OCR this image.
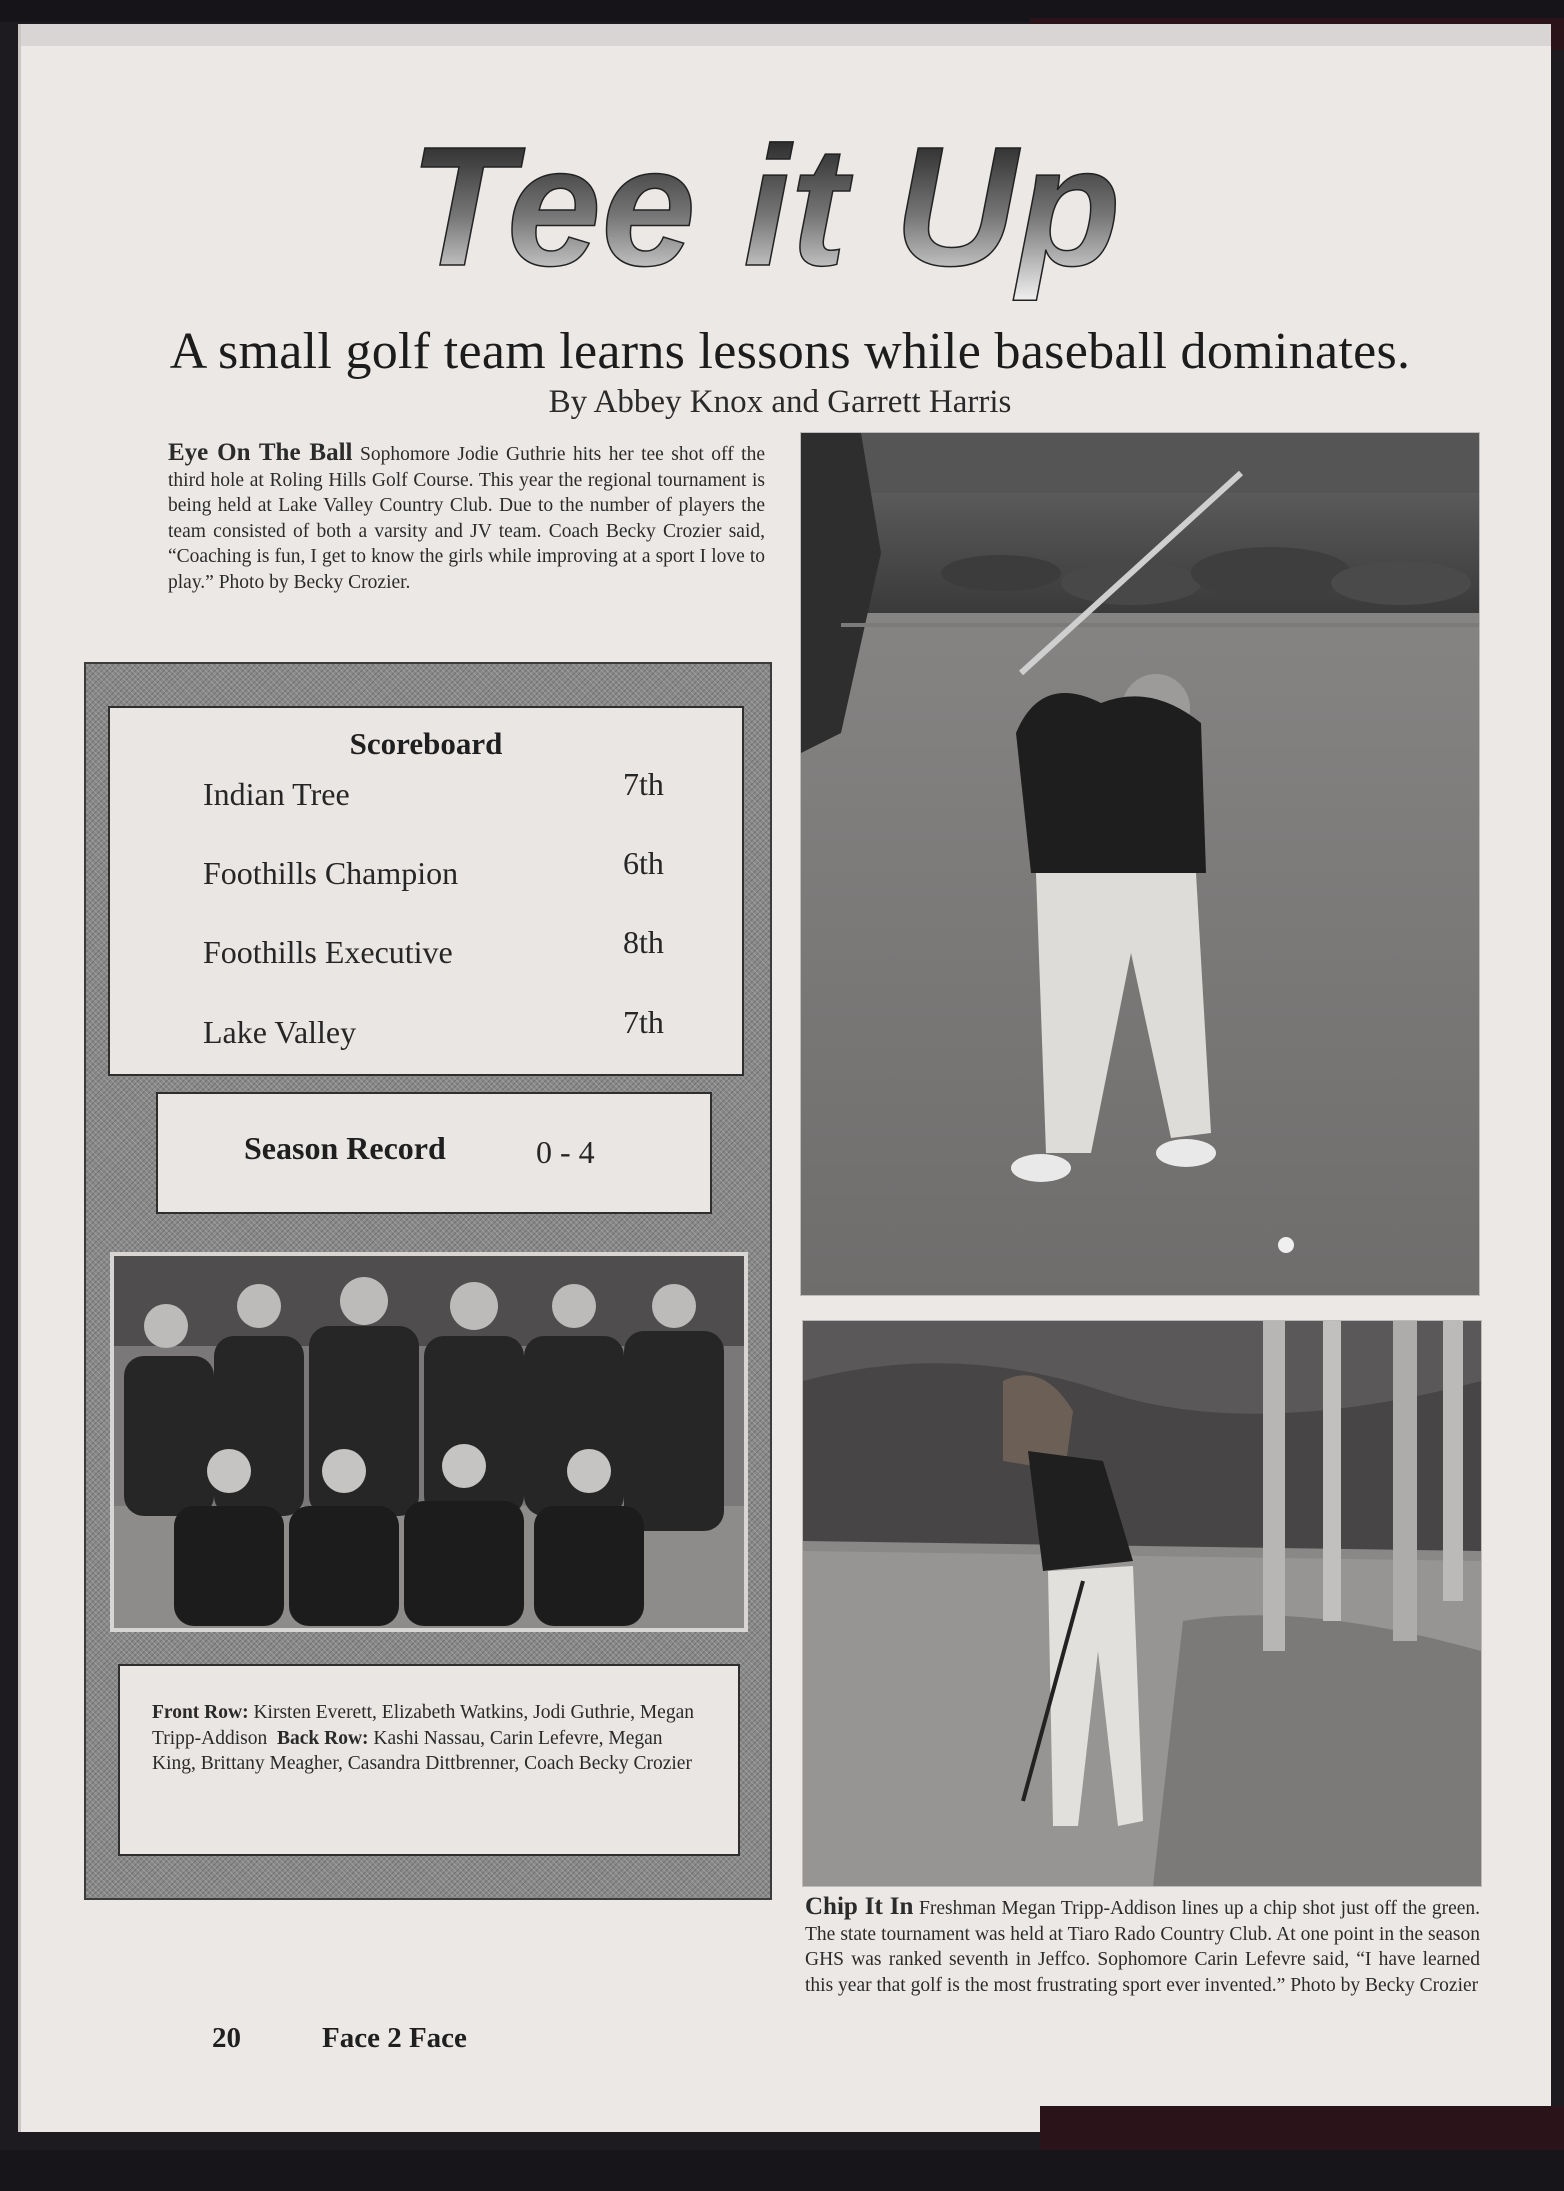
Tee it Up
A small golf team learns lessons while baseball dominates.
By Abbey Knox and Garrett Harris
Eye On The Ball Sophomore Jodie Guthrie hits her tee shot off the third hole at Roling Hills Golf Course. This year the regional tournament is being held at Lake Valley Country Club. Due to the number of players the team consisted of both a varsity and JV team. Coach Becky Crozier said, “Coaching is fun, I get to know the girls while improving at a sport I love to play.” Photo by Becky Crozier.
Scoreboard
Indian Tree	7th
Foothills Champion	6th
Foothills Executive	8th
Lake Valley	7th
Season Record	0 - 4
Front Row: Kirsten Everett, Elizabeth Watkins, Jodi Guthrie, Megan Tripp-Addison Back Row: Kashi Nassau, Carin Lefevre, Megan King, Brittany Meagher, Casandra Dittbrenner, Coach Becky Crozier
Chip It In Freshman Megan Tripp-Addison lines up a chip shot just off the green. The state tournament was held at Tiaro Rado Country Club. At one point in the season GHS was ranked seventh in Jeffco. Sophomore Carin Lefevre said, “I have learned this year that golf is the most frustrating sport ever invented.” Photo by Becky Crozier
20	Face 2 Face
